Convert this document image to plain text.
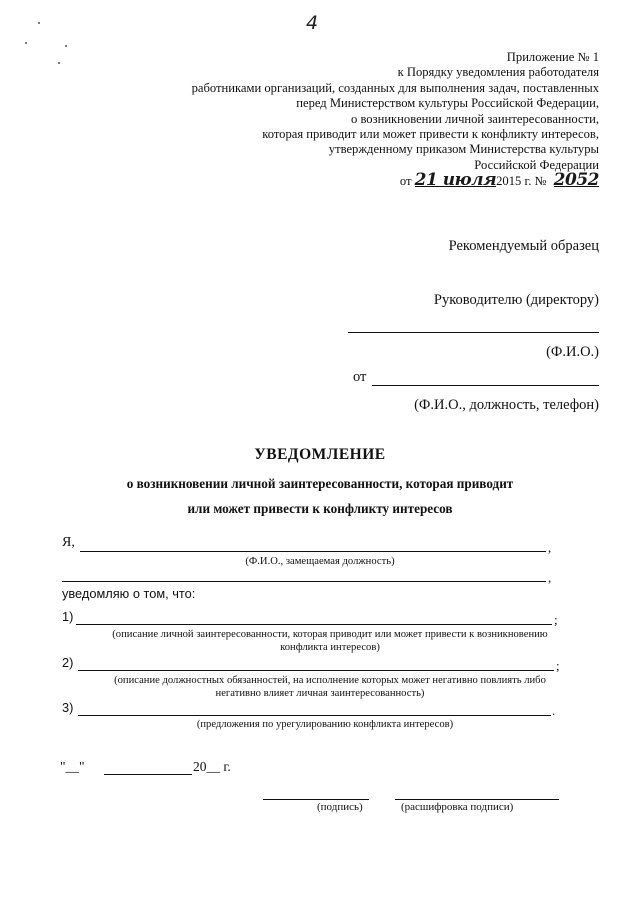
4
Приложение № 1
к Порядку уведомления работодателя
работниками организаций, созданных для выполнения задач, поставленных
перед Министерством культуры Российской Федерации,
о возникновении личной заинтересованности,
которая приводит или может привести к конфликту интересов,
утвержденному приказом Министерства культуры
Российской Федерации
от 21 июля2015 г. № 2052
Рекомендуемый образец
Руководителю (директору)
(Ф.И.О.)
от
(Ф.И.О., должность, телефон)
УВЕДОМЛЕНИЕ
о возникновении личной заинтересованности, которая приводит
или может привести к конфликту интересов
Я,	,
(Ф.И.О., замещаемая должность)
,
уведомляю о том, что:
1)	;
(описание личной заинтересованности, которая приводит или может привести к возникновению
конфликта интересов)
2)	;
(описание должностных обязанностей, на исполнение которых может негативно повлиять либо
негативно влияет личная заинтересованность)
3)	.
(предложения по урегулированию конфликта интересов)
"__"	20__ г.
(подпись)	(расшифровка подписи)
